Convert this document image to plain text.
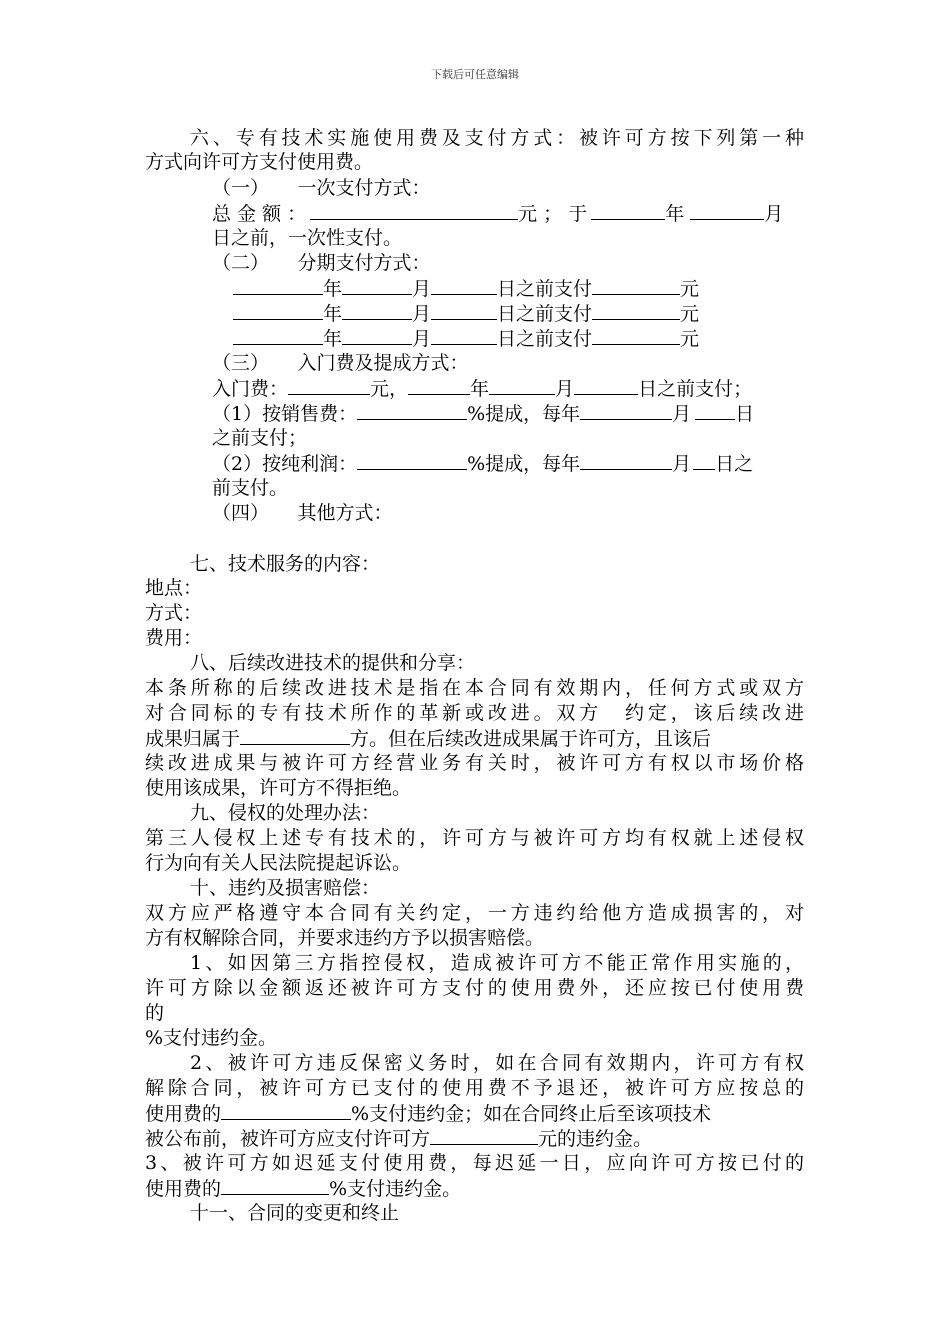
下载后可任意编辑
六、专有技术实施使用费及支付方式：被许可方按下列第一种
方式向许可方支付使用费。
（一）　　一次支付方式：
总 金 额 ：	元 ； 于	年	月
日之前，一次性支付。
（二）　　分期支付方式：
年	月	日之前支付	元
年	月	日之前支付	元
年	月	日之前支付	元
（三）　　入门费及提成方式：
入门费：	元，	年	月	日之前支付；
（1）按销售费：	%提成，每年	月 日
之前支付；
（2）按纯利润：	%提成，每年	月 日之
前支付。
（四）　　其他方式：
七、技术服务的内容：
地点：
方式：
费用：
八、后续改进技术的提供和分享：
本条所称的后续改进技术是指在本合同有效期内，任何方式或双方
对合同标的专有技术所作的革新或改进。双方　约定，该后续改进
成果归属于	方。但在后续改进成果属于许可方，且该后
续改进成果与被许可方经营业务有关时，被许可方有权以市场价格
使用该成果，许可方不得拒绝。
九、侵权的处理办法：
第三人侵权上述专有技术的，许可方与被许可方均有权就上述侵权
行为向有关人民法院提起诉讼。
十、违约及损害赔偿：
双方应严格遵守本合同有关约定，一方违约给他方造成损害的，对
方有权解除合同，并要求违约方予以损害赔偿。
1、如因第三方指控侵权，造成被许可方不能正常作用实施的，
许可方除以金额返还被许可方支付的使用费外，还应按已付使用费
的
%支付违约金。
2、被许可方违反保密义务时，如在合同有效期内，许可方有权
解除合同，被许可方已支付的使用费不予退还，被许可方应按总的
使用费的	%支付违约金；如在合同终止后至该项技术
被公布前，被许可方应支付许可方	元的违约金。
3、被许可方如迟延支付使用费，每迟延一日，应向许可方按已付的
使用费的	%支付违约金。
十一、合同的变更和终止
